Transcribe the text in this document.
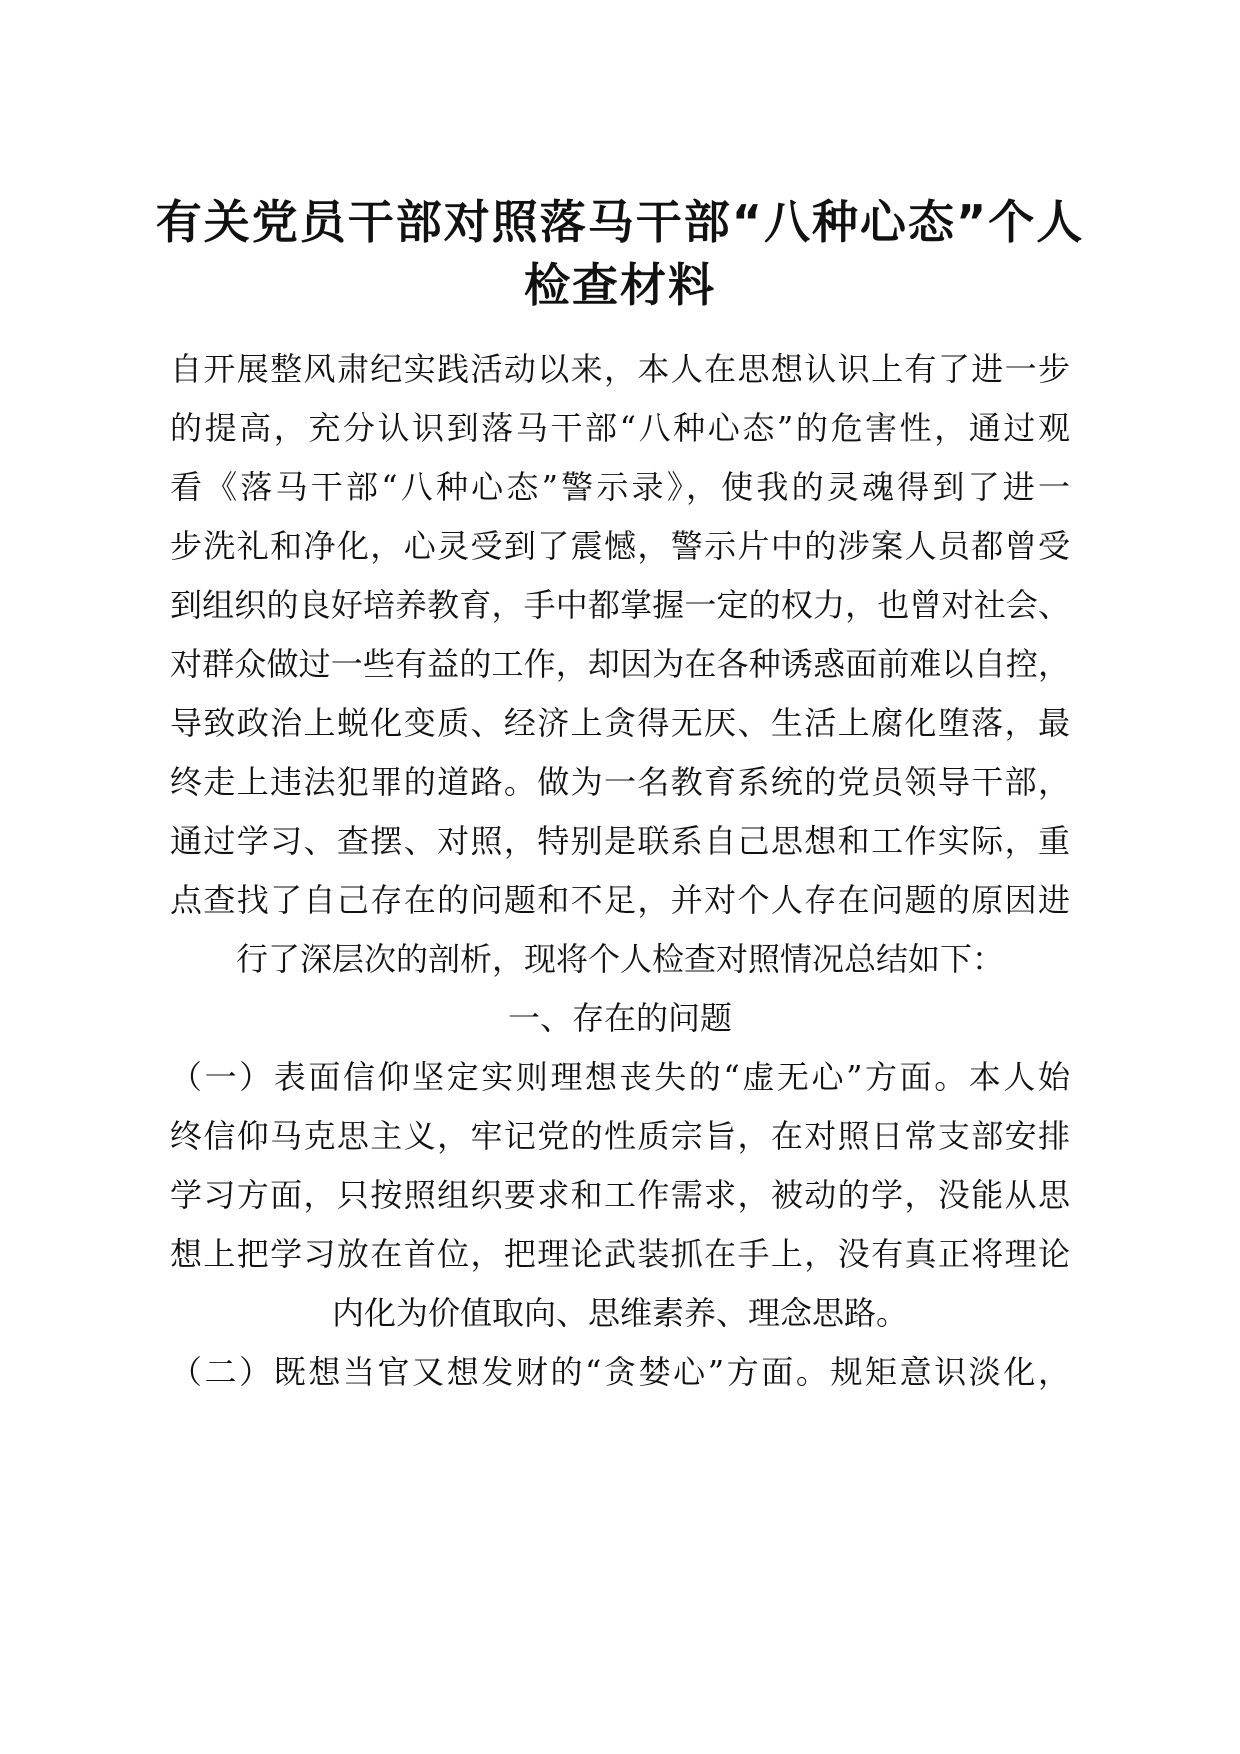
有关党员干部对照落马干部“八种心态”个人
检查材料
自开展整风肃纪实践活动以来，本人在思想认识上有了进一步
的提高，充分认识到落马干部“八种心态”的危害性，通过观
看《落马干部“八种心态”警示录》，使我的灵魂得到了进一
步洗礼和净化，心灵受到了震憾，警示片中的涉案人员都曾受
到组织的良好培养教育，手中都掌握一定的权力，也曾对社会、
对群众做过一些有益的工作，却因为在各种诱惑面前难以自控，
导致政治上蜕化变质、经济上贪得无厌、生活上腐化堕落，最
终走上违法犯罪的道路。做为一名教育系统的党员领导干部，
通过学习、查摆、对照，特别是联系自己思想和工作实际，重
点查找了自己存在的问题和不足，并对个人存在问题的原因进
行了深层次的剖析，现将个人检查对照情况总结如下：
一、存在的问题
（一）表面信仰坚定实则理想丧失的“虚无心”方面。本人始
终信仰马克思主义，牢记党的性质宗旨，在对照日常支部安排
学习方面，只按照组织要求和工作需求，被动的学，没能从思
想上把学习放在首位，把理论武装抓在手上，没有真正将理论
内化为价值取向、思维素养、理念思路。
（二）既想当官又想发财的“贪婪心”方面。规矩意识淡化，
